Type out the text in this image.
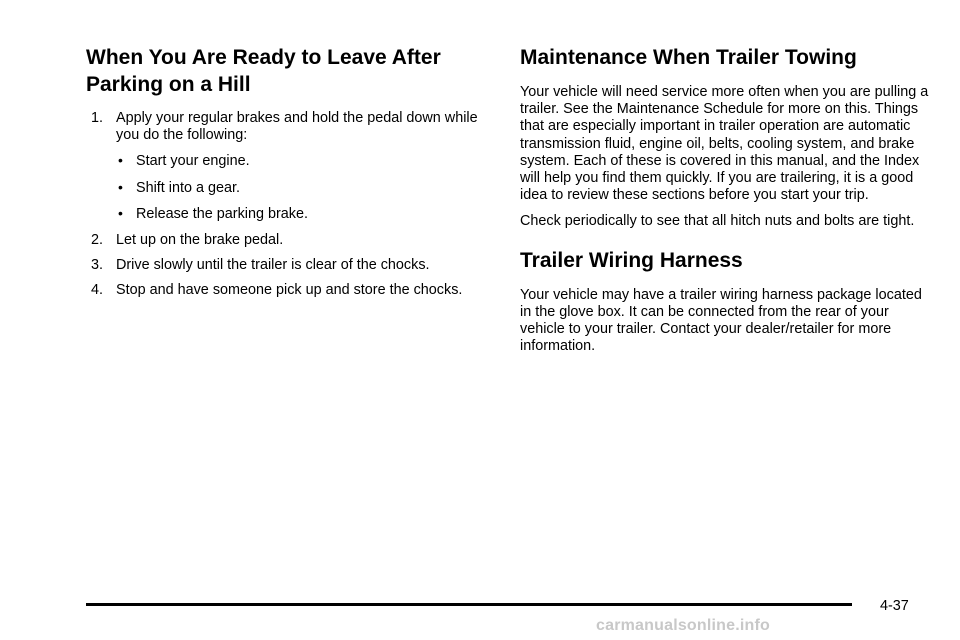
When You Are Ready to Leave After
Parking on a Hill
1. Apply your regular brakes and hold the pedal down while you do the following:
• Start your engine.
• Shift into a gear.
• Release the parking brake.
2. Let up on the brake pedal.
3. Drive slowly until the trailer is clear of the chocks.
4. Stop and have someone pick up and store the chocks.
Maintenance When Trailer Towing

Your vehicle will need service more often when you are pulling a trailer. See the Maintenance Schedule for more on this. Things that are especially important in trailer operation are automatic transmission fluid, engine oil, belts, cooling system, and brake system. Each of these is covered in this manual, and the Index will help you find them quickly. If you are trailering, it is a good idea to review these sections before you start your trip.

Check periodically to see that all hitch nuts and bolts are tight.

Trailer Wiring Harness

Your vehicle may have a trailer wiring harness package located in the glove box. It can be connected from the rear of your vehicle to your trailer. Contact your dealer/retailer for more information.

4-37
carmanualsonline.info
